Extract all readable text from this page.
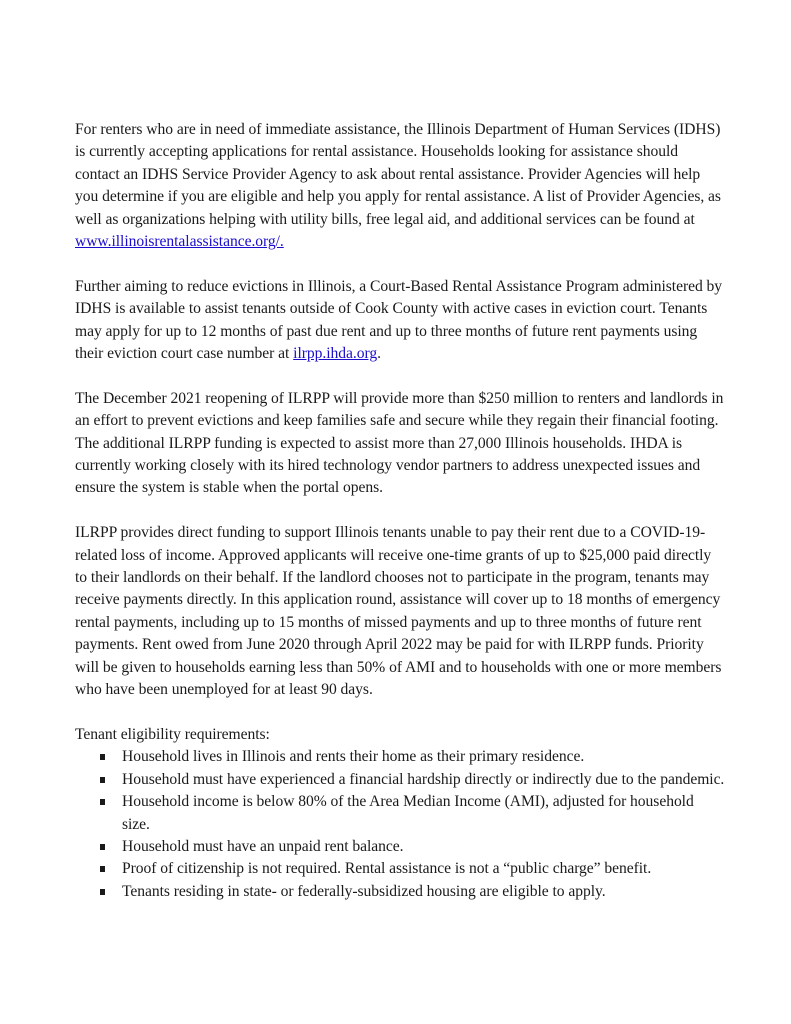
For renters who are in need of immediate assistance, the Illinois Department of Human Services (IDHS) is currently accepting applications for rental assistance. Households looking for assistance should contact an IDHS Service Provider Agency to ask about rental assistance. Provider Agencies will help you determine if you are eligible and help you apply for rental assistance. A list of Provider Agencies, as well as organizations helping with utility bills, free legal aid, and additional services can be found at www.illinoisrentalassistance.org/.

Further aiming to reduce evictions in Illinois, a Court-Based Rental Assistance Program administered by IDHS is available to assist tenants outside of Cook County with active cases in eviction court. Tenants may apply for up to 12 months of past due rent and up to three months of future rent payments using their eviction court case number at ilrpp.ihda.org.

The December 2021 reopening of ILRPP will provide more than $250 million to renters and landlords in an effort to prevent evictions and keep families safe and secure while they regain their financial footing. The additional ILRPP funding is expected to assist more than 27,000 Illinois households. IHDA is currently working closely with its hired technology vendor partners to address unexpected issues and ensure the system is stable when the portal opens.

ILRPP provides direct funding to support Illinois tenants unable to pay their rent due to a COVID-19-related loss of income. Approved applicants will receive one-time grants of up to $25,000 paid directly to their landlords on their behalf. If the landlord chooses not to participate in the program, tenants may receive payments directly. In this application round, assistance will cover up to 18 months of emergency rental payments, including up to 15 months of missed payments and up to three months of future rent payments. Rent owed from June 2020 through April 2022 may be paid for with ILRPP funds. Priority will be given to households earning less than 50% of AMI and to households with one or more members who have been unemployed for at least 90 days.

Tenant eligibility requirements:

Household lives in Illinois and rents their home as their primary residence.
Household must have experienced a financial hardship directly or indirectly due to the pandemic.
Household income is below 80% of the Area Median Income (AMI), adjusted for household size.
Household must have an unpaid rent balance.
Proof of citizenship is not required. Rental assistance is not a “public charge” benefit.
Tenants residing in state- or federally-subsidized housing are eligible to apply.
